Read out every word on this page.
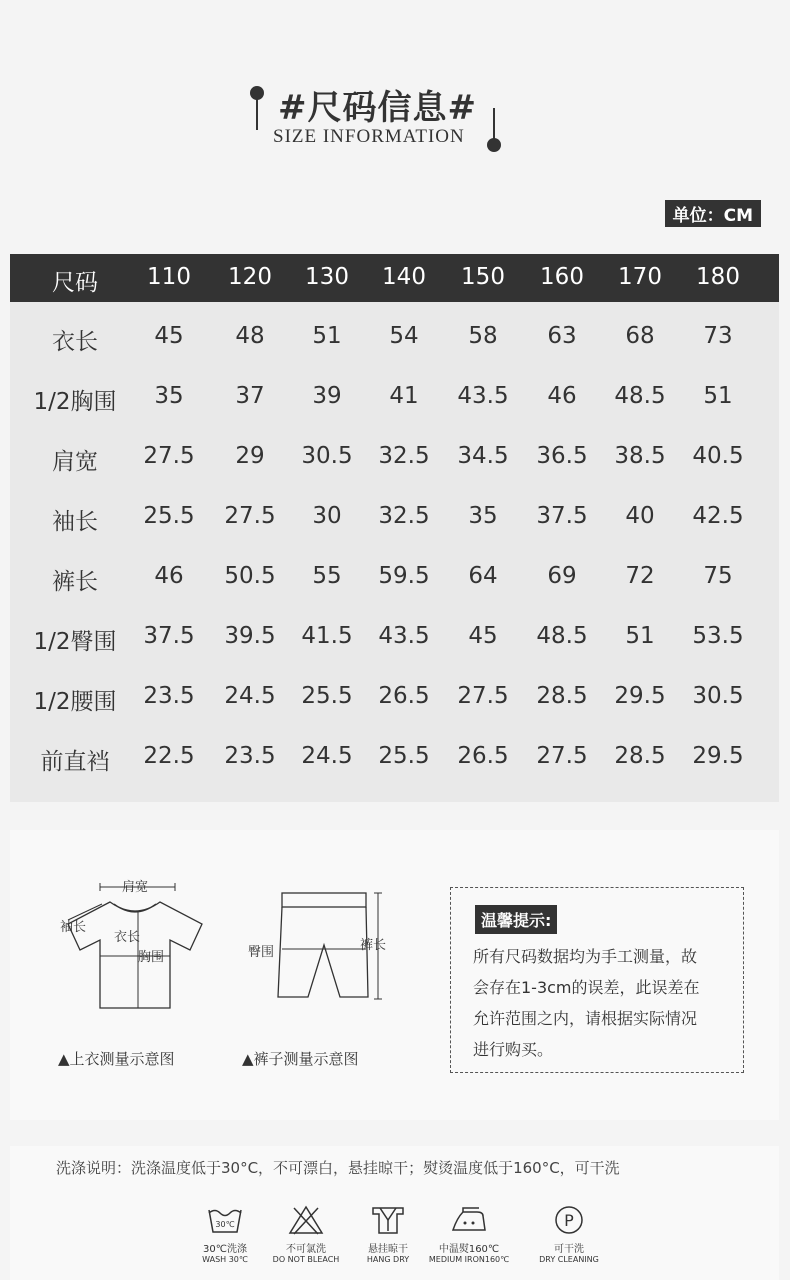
#尺码信息#
SIZE INFORMATION
单位：CM
尺码 110 120 130 140 150 160 170 180
衣长 45 48 51 54 58 63 68 73
1/2胸围 35 37 39 41 43.5 46 48.5 51
肩宽 27.5 29 30.5 32.5 34.5 36.5 38.5 40.5
袖长 25.5 27.5 30 32.5 35 37.5 40 42.5
裤长 46 50.5 55 59.5 64 69 72 75
1/2臀围 37.5 39.5 41.5 43.5 45 48.5 51 53.5
1/2腰围 23.5 24.5 25.5 26.5 27.5 28.5 29.5 30.5
前直裆 22.5 23.5 24.5 25.5 26.5 27.5 28.5 29.5
肩宽
袖长
衣长
胸围
▲上衣测量示意图
臀围	裤长
▲裤子测量示意图
温馨提示:
所有尺码数据均为手工测量，故
会存在1-3cm的误差，此误差在
允许范围之内，请根据实际情况
进行购买。
洗涤说明：洗涤温度低于30°C，不可漂白，悬挂晾干；熨烫温度低于160°C，可干洗
30℃
30℃洗涤
WASH 30℃
不可氯洗
DO NOT BLEACH
悬挂晾干
HANG DRY
中温熨160℃
MEDIUM IRON160℃
P
可干洗
DRY CLEANING
